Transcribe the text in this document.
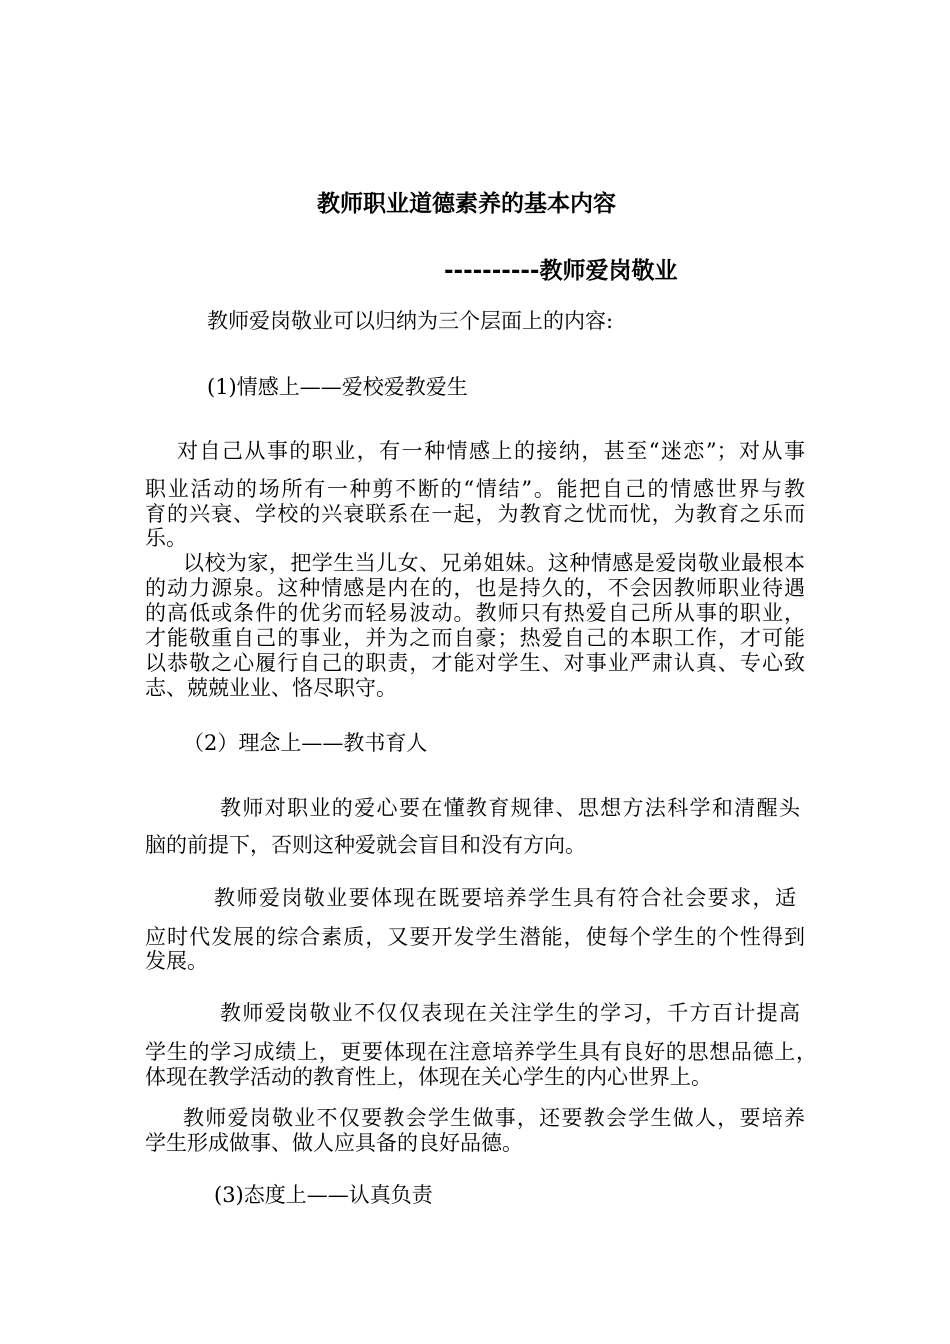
教师职业道德素养的基本内容
----------教师爱岗敬业
教师爱岗敬业可以归纳为三个层面上的内容:
(1)情感上——爱校爱教爱生
对自己从事的职业，有一种情感上的接纳，甚至“迷恋”；对从事
职业活动的场所有一种剪不断的“情结”。能把自己的情感世界与教
育的兴衰、学校的兴衰联系在一起，为教育之忧而忧，为教育之乐而
乐。
以校为家，把学生当儿女、兄弟姐妹。这种情感是爱岗敬业最根本
的动力源泉。这种情感是内在的，也是持久的，不会因教师职业待遇
的高低或条件的优劣而轻易波动。教师只有热爱自己所从事的职业，
才能敬重自己的事业，并为之而自豪；热爱自己的本职工作，才可能
以恭敬之心履行自己的职责，才能对学生、对事业严肃认真、专心致
志、兢兢业业、恪尽职守。
（2）理念上——教书育人
教师对职业的爱心要在懂教育规律、思想方法科学和清醒头
脑的前提下，否则这种爱就会盲目和没有方向。
教师爱岗敬业要体现在既要培养学生具有符合社会要求，适
应时代发展的综合素质，又要开发学生潜能，使每个学生的个性得到
发展。
教师爱岗敬业不仅仅表现在关注学生的学习，千方百计提高
学生的学习成绩上，更要体现在注意培养学生具有良好的思想品德上，
体现在教学活动的教育性上，体现在关心学生的内心世界上。
教师爱岗敬业不仅要教会学生做事，还要教会学生做人，要培养
学生形成做事、做人应具备的良好品德。
(3)态度上——认真负责
